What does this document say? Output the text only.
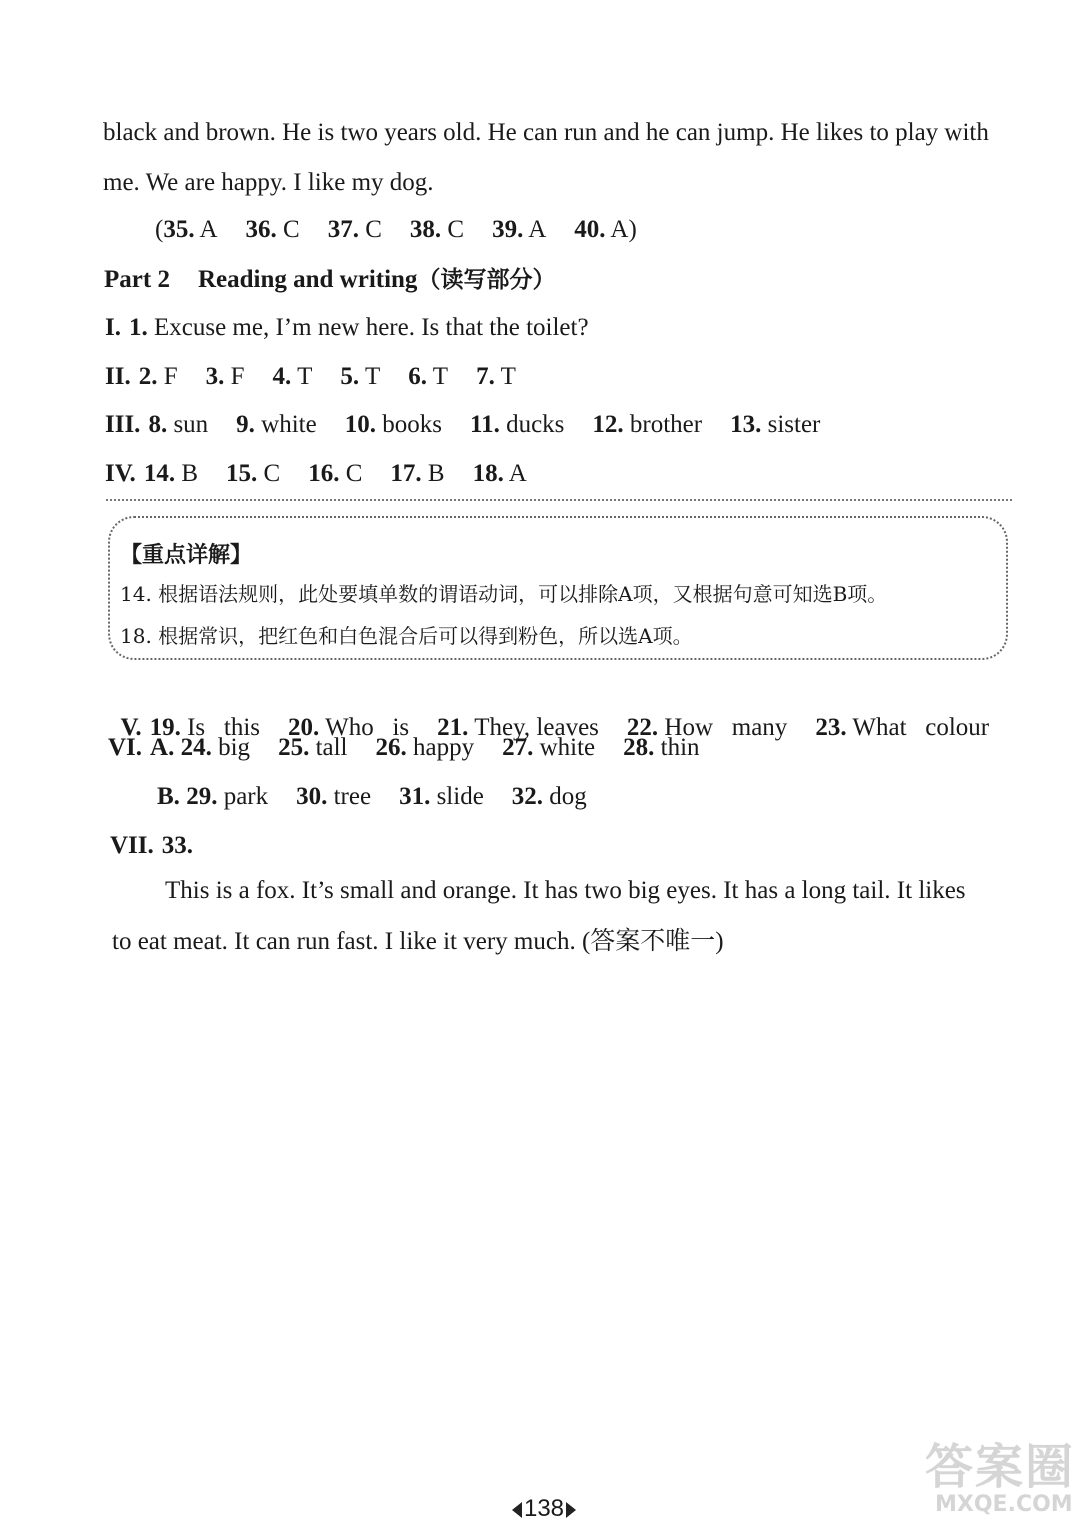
black and brown. He is two years old. He can run and he can jump. He likes to play with
me. We are happy. I like my dog.
(35. A 36. C 37. C 38. C 39. A 40. A)
Part 2 Reading and writing（读写部分）
I. 1. Excuse me, I’m new here. Is that the toilet?
II. 2. F 3. F 4. T 5. T 6. T 7. T
III. 8. sun 9. white 10. books 11. ducks 12. brother 13. sister
IV. 14. B 15. C 16. C 17. B 18. A
【重点详解】
14. 根据语法规则，此处要填单数的谓语动词，可以排除A项，又根据句意可知选B项。
18. 根据常识，把红色和白色混合后可以得到粉色，所以选A项。

V. 19. Is   this 20. Who   is 21. They, leaves 22. How   many 23. What   colour

VI. A. 24. big 25. tall 26. happy 27. white 28. thin
B. 29. park 30. tree 31. slide 32. dog
VII. 33.
This is a fox. It’s small and orange. It has two big eyes. It has a long tail. It likes
to eat meat. It can run fast. I like it very much. (答案不唯一)
138
答案圈
MXQE.COM
